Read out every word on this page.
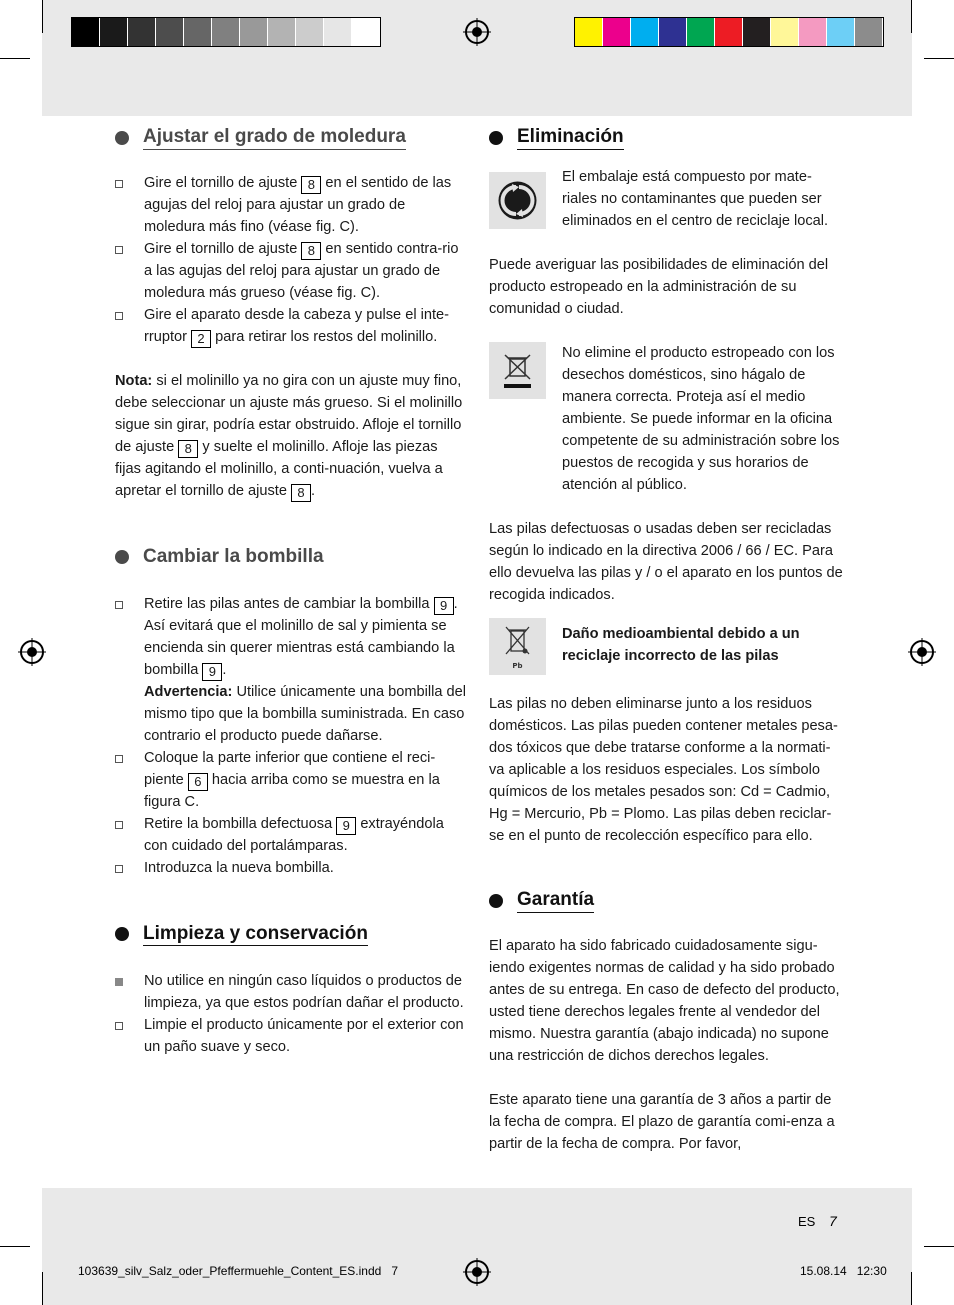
Ajustar el grado de moledura
Gire el tornillo de ajuste 8 en el sentido de las agujas del reloj para ajustar un grado de moledura más fino (véase fig. C).
Gire el tornillo de ajuste 8 en sentido contra-rio a las agujas del reloj para ajustar un grado de moledura más grueso (véase fig. C).
Gire el aparato desde la cabeza y pulse el inte-rruptor 2 para retirar los restos del molinillo.

Nota: si el molinillo ya no gira con un ajuste muy fino, debe seleccionar un ajuste más grueso. Si el molinillo sigue sin girar, podría estar obstruido. Afloje el tornillo de ajuste 8 y suelte el molinillo. Afloje las piezas fijas agitando el molinillo, a conti-nuación, vuelva a apretar el tornillo de ajuste 8 .

Cambiar la bombilla
Retire las pilas antes de cambiar la bombilla 9 . Así evitará que el molinillo de sal y pimienta se encienda sin querer mientras está cambiando la bombilla 9 .
Advertencia: Utilice únicamente una bombilla del mismo tipo que la bombilla suministrada. En caso contrario el producto puede dañarse.
Coloque la parte inferior que contiene el reci-piente 6 hacia arriba como se muestra en la figura C.
Retire la bombilla defectuosa 9 extrayéndola con cuidado del portalámparas.
Introduzca la nueva bombilla.
Limpieza y conservación
No utilice en ningún caso líquidos o productos de limpieza, ya que estos podrían dañar el producto.
Limpie el producto únicamente por el exterior con un paño suave y seco.
Eliminación

El embalaje está compuesto por mate-riales no contaminantes que pueden ser eliminados en el centro de reciclaje local.

Puede averiguar las posibilidades de eliminación del producto estropeado en la administración de su comunidad o ciudad.

No elimine el producto estropeado con los desechos domésticos, sino hágalo de manera correcta. Proteja así el medio ambiente. Se puede informar en la oficina competente de su administración sobre los puestos de recogida y sus horarios de atención al público.

Las pilas defectuosas o usadas deben ser recicladas según lo indicado en la directiva 2006 / 66 / EC. Para ello devuelva las pilas y / o el aparato en los puntos de recogida indicados.

Pb

Daño medioambiental debido a un reciclaje incorrecto de las pilas

Las pilas no deben eliminarse junto a los residuos domésticos. Las pilas pueden contener metales pesa-dos tóxicos que debe tratarse conforme a la normati-va aplicable a los residuos especiales. Los símbolo químicos de los metales pesados son: Cd = Cadmio, Hg = Mercurio, Pb = Plomo. Las pilas deben reciclar-se en el punto de recolección específico para ello.

Garantía

El aparato ha sido fabricado cuidadosamente sigu-iendo exigentes normas de calidad y ha sido probado antes de su entrega. En caso de defecto del producto, usted tiene derechos legales frente al vendedor del mismo. Nuestra garantía (abajo indicada) no supone una restricción de dichos derechos legales.

Este aparato tiene una garantía de 3 años a partir de la fecha de compra. El plazo de garantía comi-enza a partir de la fecha de compra. Por favor,

ES 7
103639_silv_Salz_oder_Pfeffermuehle_Content_ES.indd   7	15.08.14   12:30
